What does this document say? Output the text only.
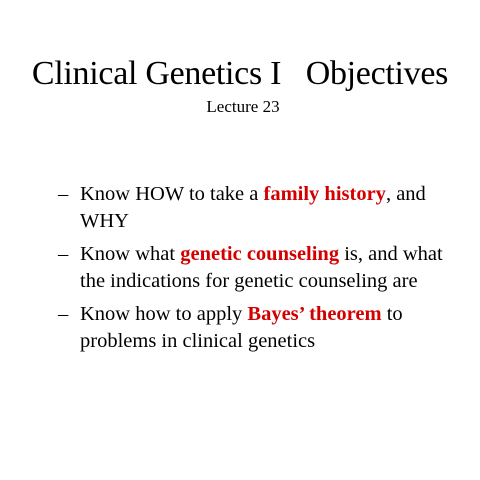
Clinical Genetics I   Objectives
Lecture 23
– Know HOW to take a family history, and WHY
– Know what genetic counseling is, and what the indications for genetic counseling are
– Know how to apply Bayes’ theorem to problems in clinical genetics
